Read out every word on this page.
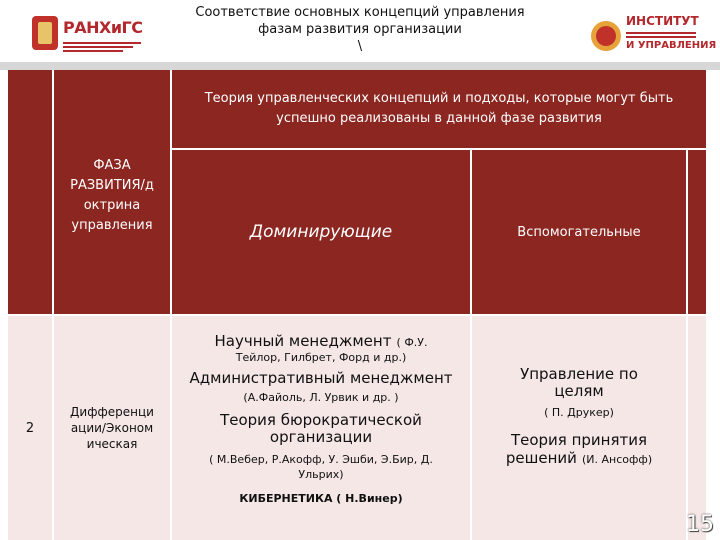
РАНХиГС
Соответствие основных концепций управления
фазам развития организации
\
ИНСТИТУТ
И УПРАВЛЕНИЯ
Теория управленческих концепций и подходы, которые могут быть успешно реализованы в данной фазе развития
ФАЗА РАЗВИТИЯ/д октрина управления	Доминирующие	Вспомогательные
2
Дифференци ации/Эконом ическая
Научный менеджмент ( Ф.У.
Тейлор, Гилбрет, Форд и др.)
Административный менеджмент (А.Файоль, Л. Урвик и др. )
Теория бюрократической организации
( М.Вебер, Р.Акофф, У. Эшби, Э.Бир, Д. Ульрих)
КИБЕРНЕТИКА ( Н.Винер)
Управление по целям
( П. Друкер)
Теория принятия решений (И. Ансофф)
15
